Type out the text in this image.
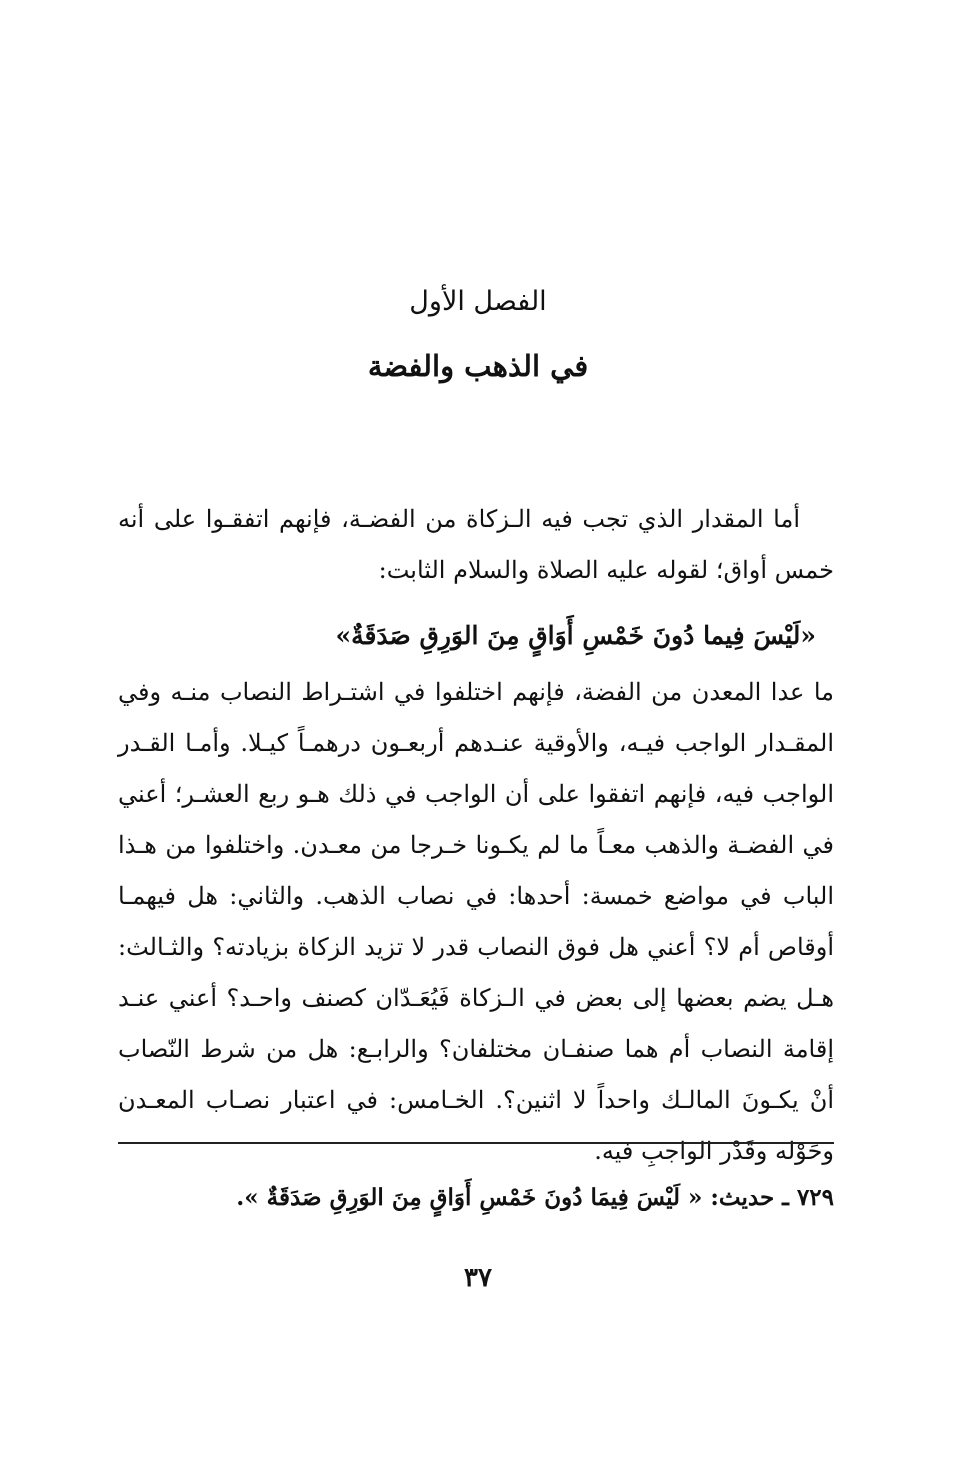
الفصل الأول
في الذهب والفضة

أما المقدار الذي تجب فيه الـزكاة من الفضـة، فإنهم اتفقـوا على أنه خمس أواق؛ لقوله عليه الصلاة والسلام الثابت:

«لَيْسَ فِيما دُونَ خَمْسِ أَوَاقٍ مِنَ الوَرِقِ صَدَقَةٌ»

ما عدا المعدن من الفضة، فإنهم اختلفوا في اشتـراط النصاب منـه وفي المقـدار الواجب فيـه، والأوقية عنـدهم أربعـون درهمـاً كيـلا. وأمـا القـدر الواجب فيه، فإنهم اتفقوا على أن الواجب في ذلك هـو ربع العشـر؛ أعني في الفضـة والذهب معـاً ما لم يكـونا خـرجا من معـدن. واختلفوا من هـذا الباب في مواضع خمسة: أحدها: في نصاب الذهب. والثاني: هل فيهمـا أوقاص أم لا؟ أعني هل فوق النصاب قدر لا تزيد الزكاة بزيادته؟ والثـالث: هـل يضم بعضها إلى بعض في الـزكاة فَيُعَـدّان كصنف واحـد؟ أعني عنـد إقامة النصاب أم هما صنفـان مختلفان؟ والرابـع: هل من شرط النّصاب أنْ يكـونَ المالـك واحداً لا اثنين؟. الخـامس: في اعتبار نصـاب المعـدن وحَوْله وقَدْر الواجبِ فيه.

٧٢٩ ـ حديث: « لَيْسَ فِيمَا دُونَ خَمْسِ أَوَاقٍ مِنَ الوَرِقِ صَدَقَةٌ ».
٣٧
